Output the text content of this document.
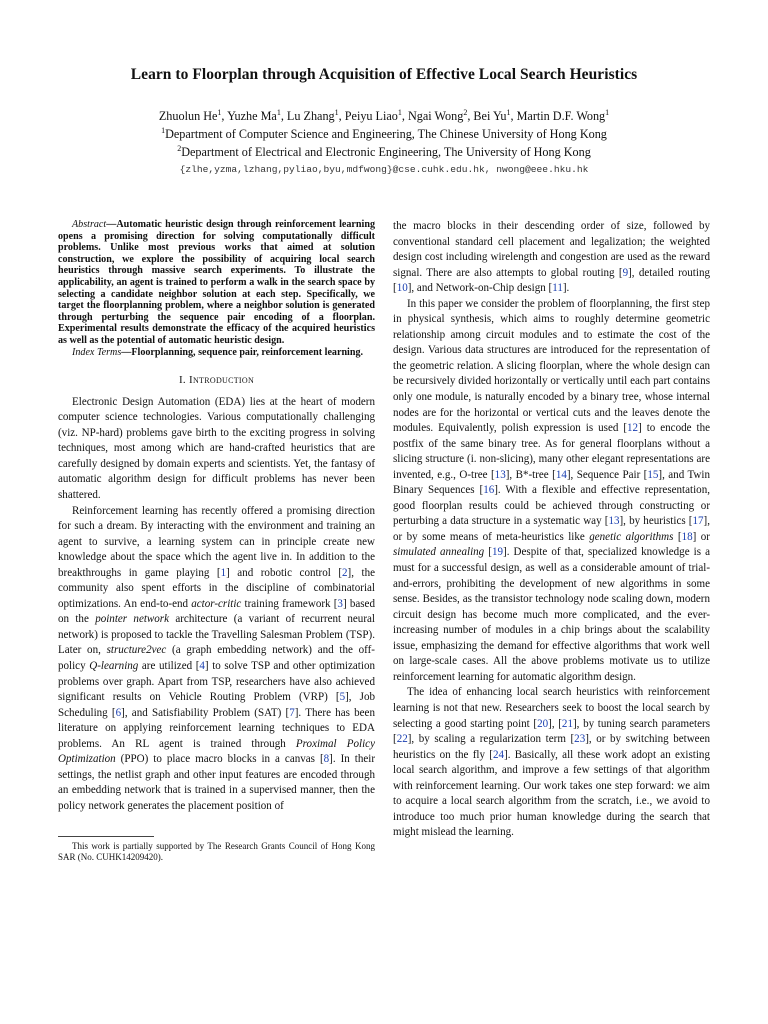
Learn to Floorplan through Acquisition of Effective Local Search Heuristics
Zhuolun He$^1$, Yuzhe Ma$^1$, Lu Zhang$^1$, Peiyu Liao$^1$, Ngai Wong$^2$, Bei Yu$^1$, Martin D.F. Wong$^1$
$^1$Department of Computer Science and Engineering, The Chinese University of Hong Kong
$^2$Department of Electrical and Electronic Engineering, The University of Hong Kong
{zlhe,yzma,lzhang,pyliao,byu,mdfwong}@cse.cuhk.edu.hk, nwong@eee.hku.hk

Abstract—Automatic heuristic design through reinforcement learning opens a promising direction for solving computationally difficult problems. Unlike most previous works that aimed at solution construction, we explore the possibility of acquiring local search heuristics through massive search experiments. To illustrate the applicability, an agent is trained to perform a walk in the search space by selecting a candidate neighbor solution at each step. Specifically, we target the floorplanning problem, where a neighbor solution is generated through perturbing the sequence pair encoding of a floorplan. Experimental results demonstrate the efficacy of the acquired heuristics as well as the potential of automatic heuristic design.

Index Terms—Floorplanning, sequence pair, reinforcement learning.

I. Introduction

Electronic Design Automation (EDA) lies at the heart of modern computer science technologies. Various computationally challenging (viz. NP-hard) problems gave birth to the exciting progress in solving techniques, most among which are hand-crafted heuristics that are carefully designed by domain experts and scientists. Yet, the fantasy of automatic algorithm design for difficult problems has never been shattered.

Reinforcement learning has recently offered a promising direction for such a dream. By interacting with the environment and training an agent to survive, a learning system can in principle create new knowledge about the space which the agent live in. In addition to the breakthroughs in game playing [1] and robotic control [2], the community also spent efforts in the discipline of combinatorial optimizations. An end-to-end actor-critic training framework [3] based on the pointer network architecture (a variant of recurrent neural network) is proposed to tackle the Travelling Salesman Problem (TSP). Later on, structure2vec (a graph embedding network) and the off-policy Q-learning are utilized [4] to solve TSP and other optimization problems over graph. Apart from TSP, researchers have also achieved significant results on Vehicle Routing Problem (VRP) [5], Job Scheduling [6], and Satisfiability Problem (SAT) [7]. There has been literature on applying reinforcement learning techniques to EDA problems. An RL agent is trained through Proximal Policy Optimization (PPO) to place macro blocks in a canvas [8]. In their settings, the netlist graph and other input features are encoded through an embedding network that is trained in a supervised manner, then the policy network generates the placement position of

This work is partially supported by The Research Grants Council of Hong Kong SAR (No. CUHK14209420).

the macro blocks in their descending order of size, followed by conventional standard cell placement and legalization; the weighted design cost including wirelength and congestion are used as the reward signal. There are also attempts to global routing [9], detailed routing [10], and Network-on-Chip design [11].

In this paper we consider the problem of floorplanning, the first step in physical synthesis, which aims to roughly determine geometric relationship among circuit modules and to estimate the cost of the design. Various data structures are introduced for the representation of the geometric relation. A slicing floorplan, where the whole design can be recursively divided horizontally or vertically until each part contains only one module, is naturally encoded by a binary tree, whose internal nodes are for the horizontal or vertical cuts and the leaves denote the modules. Equivalently, polish expression is used [12] to encode the postfix of the same binary tree. As for general floorplans without a slicing structure (i. non-slicing), many other elegant representations are invented, e.g., O-tree [13], B*-tree [14], Sequence Pair [15], and Twin Binary Sequences [16]. With a flexible and effective representation, good floorplan results could be achieved through constructing or perturbing a data structure in a systematic way [13], by heuristics [17], or by some means of meta-heuristics like genetic algorithms [18] or simulated annealing [19]. Despite of that, specialized knowledge is a must for a successful design, as well as a considerable amount of trial-and-errors, prohibiting the development of new algorithms in some sense. Besides, as the transistor technology node scaling down, modern circuit design has become much more complicated, and the ever-increasing number of modules in a chip brings about the scalability issue, emphasizing the demand for effective algorithms that work well on large-scale cases. All the above problems motivate us to utilize reinforcement learning for automatic algorithm design.

The idea of enhancing local search heuristics with reinforcement learning is not that new. Researchers seek to boost the local search by selecting a good starting point [20], [21], by tuning search parameters [22], by scaling a regularization term [23], or by switching between heuristics on the fly [24]. Basically, all these work adopt an existing local search algorithm, and improve a few settings of that algorithm with reinforcement learning. Our work takes one step forward: we aim to acquire a local search algorithm from the scratch, i.e., we avoid to introduce too much prior human knowledge during the search that might mislead the learning.
